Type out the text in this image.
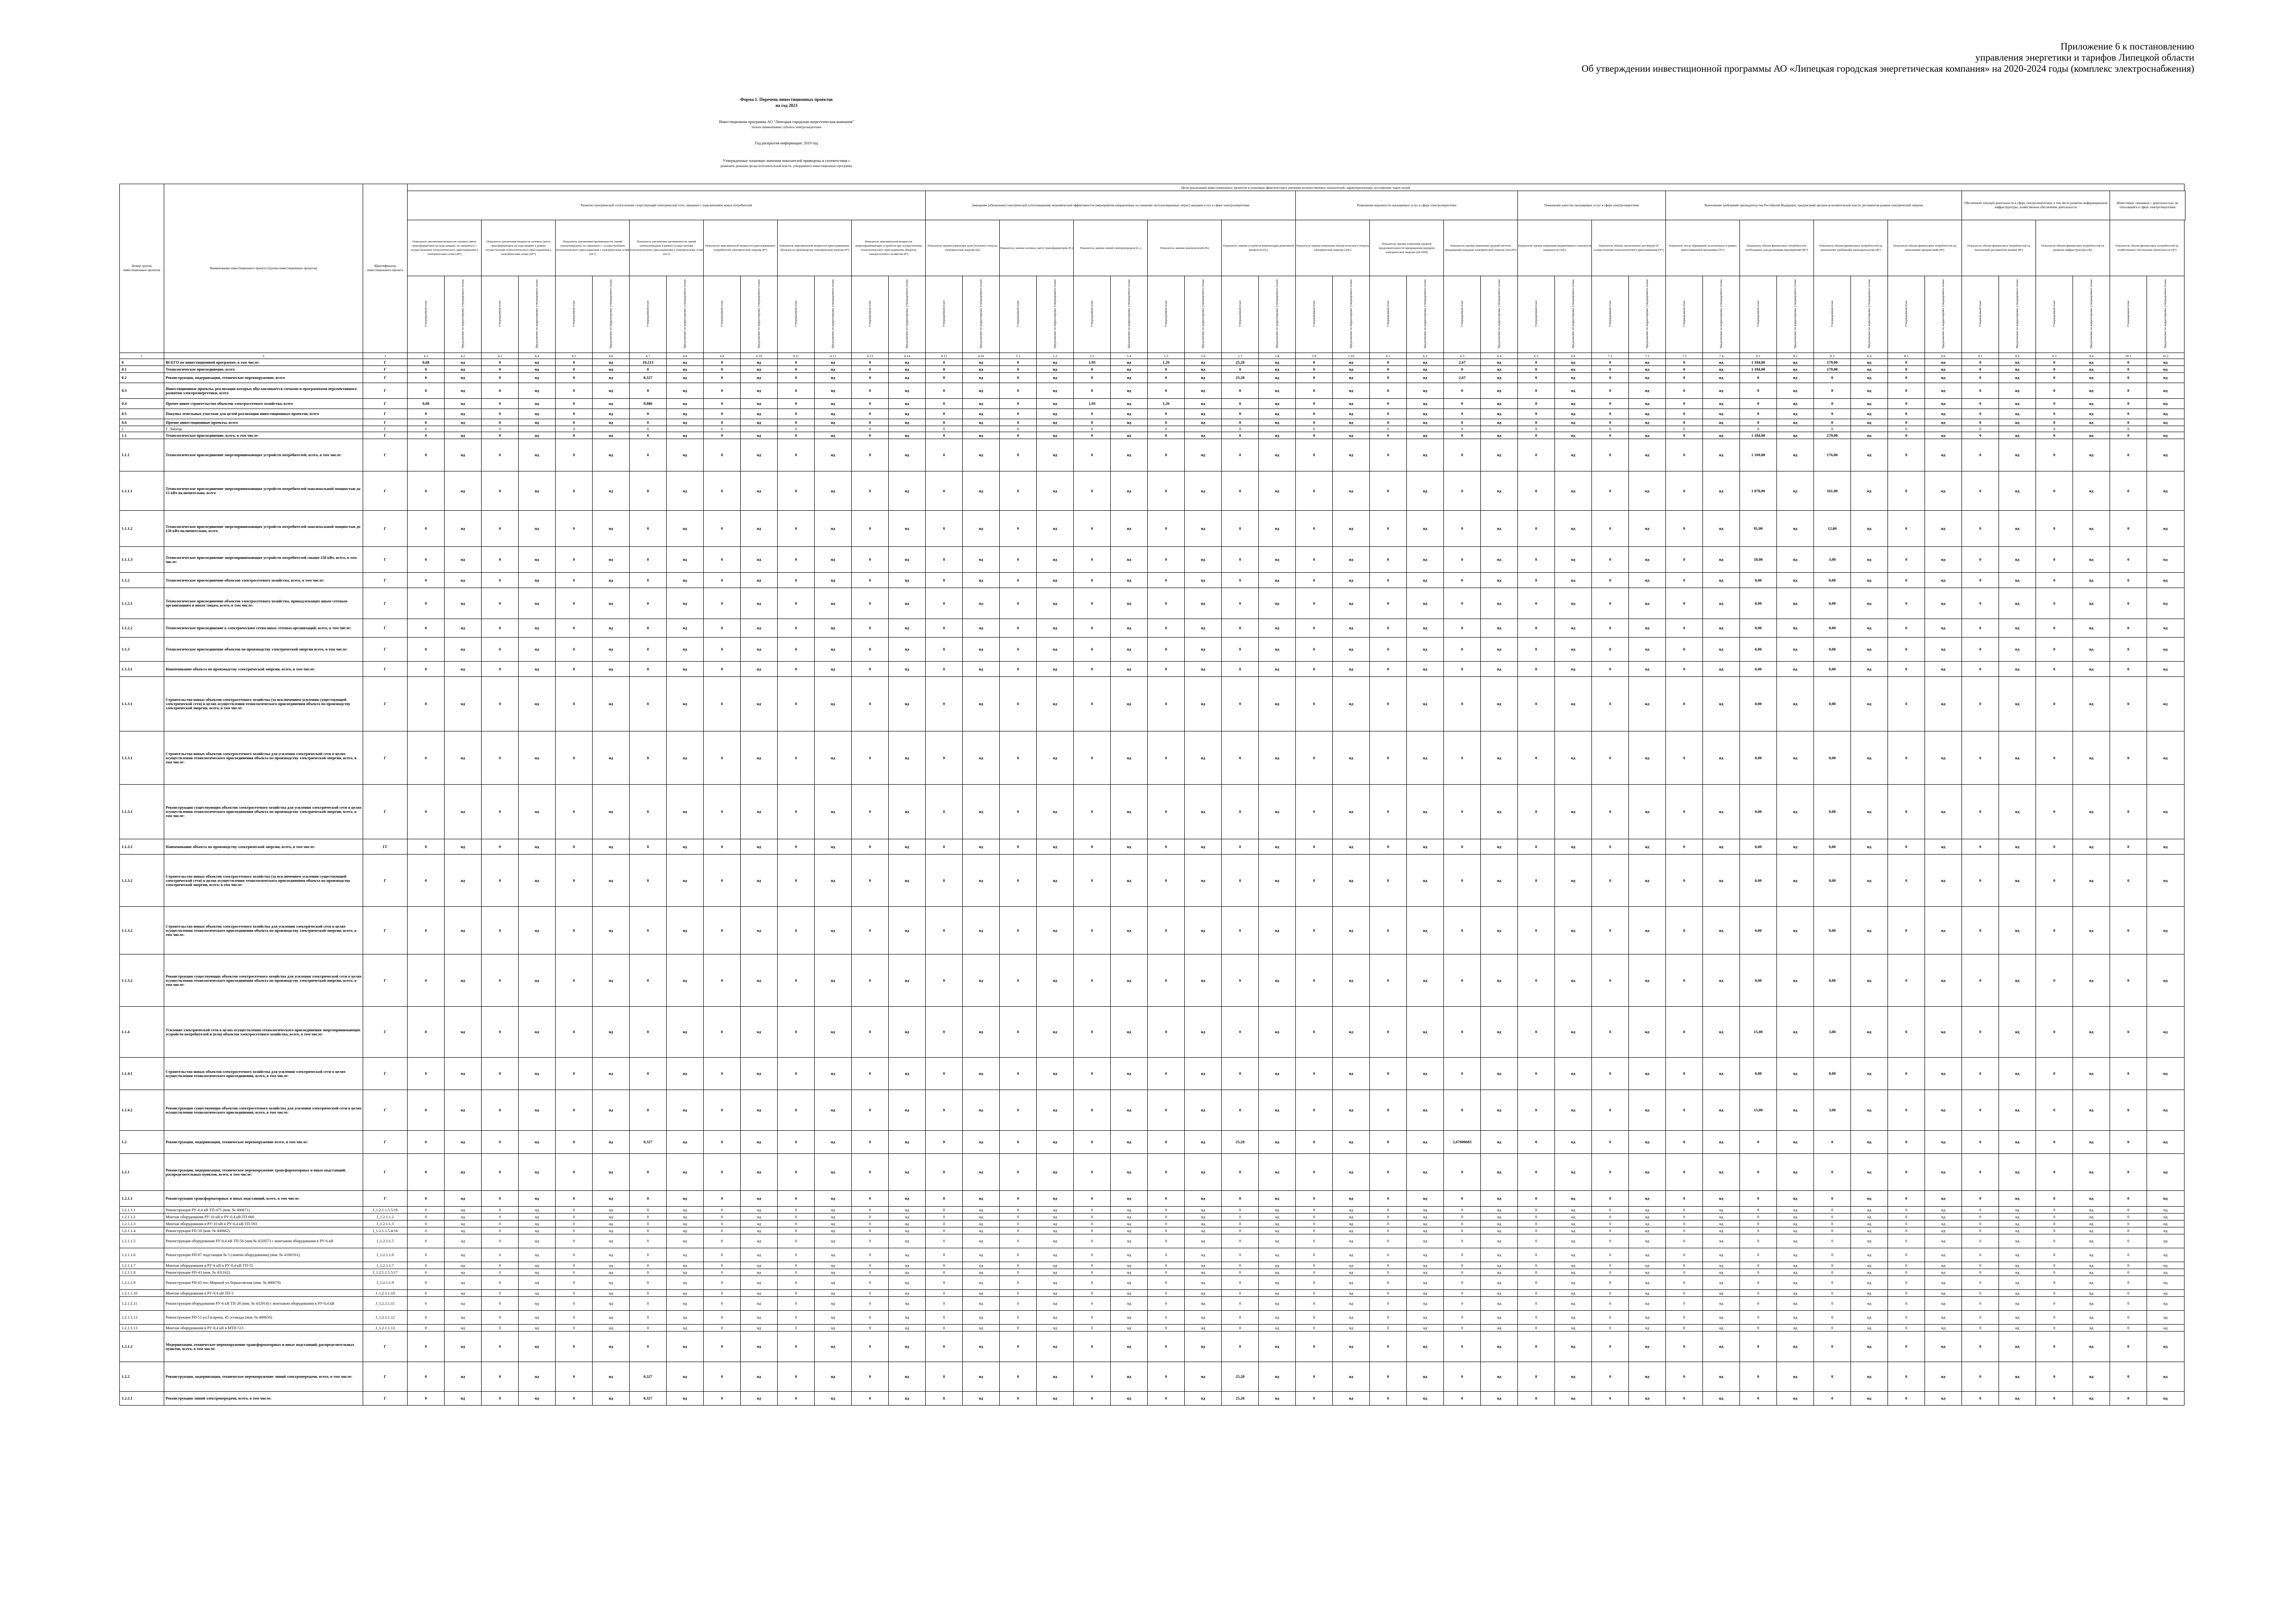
Приложение 6 к постановлению
управления энергетики и тарифов Липецкой области
Об утверждении инвестиционной программы АО «Липецкая городская энергетическая компания» на 2020-2024 годы (комплекс электроснабжения)
Форма 1. Перечень инвестиционных проектов
на год 2023
Инвестиционная программа АО "Липецкая городская энергетическая компания"
полное наименование субъекта электроэнергетики
Год раскрытия информации: 2019 год
Утвержденные плановые значения показателей приведены в соответствии с
реквизиты решения органа исполнительной власти, утвердившего инвестиционную программу
Номер группы инвестиционных проектов	Наименование инвестиционного проекта (группы инвестиционных проектов)	Идентификатор инвестиционного проекта	Цели реализации инвестиционных проектов и плановые (фактические) значения количественных показателей, характеризующих достижение таких целей																																															
			Развитие электрической сети/усиление существующей электрической сети, связанное с подключением новых потребителей														Замещение (обновление) электрической сети/повышение экономической эффективности (мероприятия направленные на снижение эксплуатационных затрат) оказания услуг в сфере электроэнергетики										Повышение надежности оказываемых услуг в сфере электроэнергетики						Повышение качества оказываемых услуг в сфере электроэнергетики				Выполнение требований законодательства Российской Федерации, предписаний органов исполнительной власти, регламентов рынков электрической энергии								Обеспечение текущей деятельности в сфере электроэнергетики, в том числе развитие информационной инфраструктуры, хозяйственное обеспечение деятельности				Инвестиции, связанные с деятельностью, не относящейся к сфере электроэнергетики	
			Показатель увеличения мощности силовых (авто) трансформаторов на подстанциях, не связанного с осуществлением технологического присоединения к электрическим сетям (ΔPᵗ)		Показатель увеличения мощности силовых (авто) трансформаторов на подстанциях в рамках осуществления технологического присоединения к электрическим сетям (ΔPᵗᵖ)		Показатель увеличения протяженности линий электропередачи, не связанного с осуществлением технологического присоединения к электрическим сетям (ΔLⁿ)		Показатель увеличения протяженности линий электропередачи в рамках осуществления технологического присоединения к электрическим сетям (ΔLᵗᵖ)		Показатель максимальной мощности присоединяемых потребителей электрической энергии (Pᵗᵖ)		Показатель максимальной мощности присоединяемых объектов по производству электрической энергии (Pᵍ)		Показатель максимальной мощности энергопринимающих устройств при осуществлении технологического присоединения объектов электросетевого хозяйства (Pˢ)		Показатель оценки изменения доли полезного отпуска электрической энергии (Ωᵢ)		Показатель замены силовых (авто) трансформаторов (Pᵣᵢ)		Показатель замены линий электропередачи (Lᵣᵢ)		Показатель замены выключателей (Bᵢ)		Показатель замены устройств компенсации реактивной мощности (Qᵣᵢ)		Показатель оценки изменения объема полезного отпуска электрической энергии (ΔWᵢ)		Показатель оценки изменения средней продолжительности прекращения передачи электрической энергии (ΔSAIDI)		Показатель оценки изменения средней частоты прекращения передачи электрической энергии (ΔSAIFI)		Показатель оценки изменения индикативного показателя надежности (ΔПᵢ)		Показатель объема заключенных договоров об осуществлении технологического присоединения (Nᵗᵖ)		Показатель числа обращений, исполненных в рамках инвестиционной программы (Nᵒᵖ)		Показатель объема финансовых потребностей, необходимых для реализации мероприятий (Фᵖᶦᶠ)		Показатель объема финансовых потребностей на выполнение требований законодательства (Фᶻ)		Показатель объема финансовых потребностей на выполнение предписаний (Фⁿ)		Показатель объема финансовых потребностей на выполнение регламентов рынков (Фʳ)		Показатель объема финансовых потребностей на развитие инфраструктуры (Фᵢ)		Показатель объема финансовых потребностей на хозяйственное обеспечение деятельности (Фᵒ)	
			Утвержденный план	Предложение по корректировке утвержденного плана	Утвержденный план	Предложение по корректировке утвержденного плана	Утвержденный план	Предложение по корректировке утвержденного плана	Утвержденный план	Предложение по корректировке утвержденного плана	Утвержденный план	Предложение по корректировке утвержденного плана	Утвержденный план	Предложение по корректировке утвержденного плана	Утвержденный план	Предложение по корректировке утвержденного плана	Утвержденный план	Предложение по корректировке утвержденного плана	Утвержденный план	Предложение по корректировке утвержденного плана	Утвержденный план	Предложение по корректировке утвержденного плана	Утвержденный план	Предложение по корректировке утвержденного плана	Утвержденный план	Предложение по корректировке утвержденного плана	Утвержденный план	Предложение по корректировке утвержденного плана	Утвержденный план	Предложение по корректировке утвержденного плана	Утвержденный план	Предложение по корректировке утвержденного плана	Утвержденный план	Предложение по корректировке утвержденного плана	Утвержденный план	Предложение по корректировке утвержденного плана	Утвержденный план	Предложение по корректировке утвержденного плана	Утвержденный план	Предложение по корректировке утвержденного плана	Утвержденный план	Предложение по корректировке утвержденного плана	Утвержденный план	Предложение по корректировке утвержденного плана	Утвержденный план	Предложение по корректировке утвержденного плана	Утвержденный план	Предложение по корректировке утвержденного плана	Утвержденный план	Предложение по корректировке утвержденного плана
1	2	3	4.1	4.2	4.3	4.4	4.5	4.6	4.7	4.8	4.9	4.10	4.11	4.12	4.13	4.14	4.15	4.16	5.1	5.2	5.3	5.4	5.5	5.6	5.7	5.8	5.9	5.10	6.1	6.2	6.3	6.4	6.5	6.6	7.1	7.2	7.3	7.4	8.1	8.2	8.3	8.4	8.5	8.6	9.1	9.2	9.3	9.4	10.1	10.2
0	ВСЕГО по инвестиционной программе, в том числе:	Г	0,68	нд	0	нд	0	нд	10,213	нд	0	нд	0	нд	0	нд	0	нд	0	нд	1,93	нд	1,26	нд	25,28	нд	0	нд	0	нд	2,67	нд	0	нд	0	нд	0	нд	1 184,00	нд	179,00	нд	0	нд	0	нд	0	нд	0	нд
0.1	Технологическое присоединение, всего	Г	0	нд	0	нд	0	нд	0	нд	0	нд	0	нд	0	нд	0	нд	0	нд	0	нд	0	нд	0	нд	0	нд	0	нд	0	нд	0	нд	0	нд	0	нд	1 184,00	нд	179,00	нд	0	нд	0	нд	0	нд	0	нд
0.2	Реконструкция, модернизация, техническое перевооружение, всего	Г	0	нд	0	нд	0	нд	0,327	нд	0	нд	0	нд	0	нд	0	нд	0	нд	0	нд	0	нд	25,28	нд	0	нд	0	нд	2,67	нд	0	нд	0	нд	0	нд	0	нд	0	нд	0	нд	0	нд	0	нд	0	нд
0.3	Инвестиционные проекты, реализация которых обуславливается схемами и программами перспективного развития электроэнергетики, всего	Г	0	нд	0	нд	0	нд	0	нд	0	нд	0	нд	0	нд	0	нд	0	нд	0	нд	0	нд	0	нд	0	нд	0	нд	0	нд	0	нд	0	нд	0	нд	0	нд	0	нд	0	нд	0	нд	0	нд	0	нд
0.4	Прочее новое строительство объектов электросетевого хозяйства, всего	Г	0,68	нд	0	нд	0	нд	9,886	нд	0	нд	0	нд	0	нд	0	нд	0	нд	1,93	нд	1,26	нд	0	нд	0	нд	0	нд	0	нд	0	нд	0	нд	0	нд	0	нд	0	нд	0	нд	0	нд	0	нд	0	нд
0.5	Покупка земельных участков для целей реализации инвестиционных проектов, всего	Г	0	нд	0	нд	0	нд	0	нд	0	нд	0	нд	0	нд	0	нд	0	нд	0	нд	0	нд	0	нд	0	нд	0	нд	0	нд	0	нд	0	нд	0	нд	0	нд	0	нд	0	нд	0	нд	0	нд	0	нд
0.6	Прочие инвестиционные проекты, всего	Г	0	нд	0	нд	0	нд	0	нд	0	нд	0	нд	0	нд	0	нд	0	нд	0	нд	0	нд	0	нд	0	нд	0	нд	0	нд	0	нд	0	нд	0	нд	0	нд	0	нд	0	нд	0	нд	0	нд	0	нд
1	Г. Липецк	Г	0		0		0		0		0		0		0		0		0		0		0		0		0		0		0		0		0		0		0		0		0		0		0		0	
1.1	Технологическое присоединение, всего, в том числе:	Г	0	нд	0	нд	0	нд	0	нд	0	нд	0	нд	0	нд	0	нд	0	нд	0	нд	0	нд	0	нд	0	нд	0	нд	0	нд	0	нд	0	нд	0	нд	1 184,00	нд	179,00	нд	0	нд	0	нд	0	нд	0	нд
1.1.1	Технологическое присоединение энергопринимающих устройств потребителей, всего, в том числе:	Г	0	нд	0	нд	0	нд	0	нд	0	нд	0	нд	0	нд	0	нд	0	нд	0	нд	0	нд	0	нд	0	нд	0	нд	0	нд	0	нд	0	нд	0	нд	1 169,00	нд	176,00	нд	0	нд	0	нд	0	нд	0	нд
1.1.1.1	Технологическое присоединение энергопринимающих устройств потребителей максимальной мощностью до 15 кВт включительно, всего	Г	0	нд	0	нд	0	нд	0	нд	0	нд	0	нд	0	нд	0	нд	0	нд	0	нд	0	нд	0	нд	0	нд	0	нд	0	нд	0	нд	0	нд	0	нд	1 070,00	нд	161,00	нд	0	нд	0	нд	0	нд	0	нд
1.1.1.2	Технологическое присоединение энергопринимающих устройств потребителей максимальной мощностью до 150 кВт включительно, всего	Г	0	нд	0	нд	0	нд	0	нд	0	нд	0	нд	0	нд	0	нд	0	нд	0	нд	0	нд	0	нд	0	нд	0	нд	0	нд	0	нд	0	нд	0	нд	81,00	нд	12,00	нд	0	нд	0	нд	0	нд	0	нд
1.1.1.3	Технологическое присоединение энергопринимающих устройств потребителей свыше 150 кВт, всего, в том числе:	Г	0	нд	0	нд	0	нд	0	нд	0	нд	0	нд	0	нд	0	нд	0	нд	0	нд	0	нд	0	нд	0	нд	0	нд	0	нд	0	нд	0	нд	0	нд	18,00	нд	3,00	нд	0	нд	0	нд	0	нд	0	нд
1.1.2	Технологическое присоединение объектов электросетевого хозяйства, всего, в том числе:	Г	0	нд	0	нд	0	нд	0	нд	0	нд	0	нд	0	нд	0	нд	0	нд	0	нд	0	нд	0	нд	0	нд	0	нд	0	нд	0	нд	0	нд	0	нд	0,00	нд	0,00	нд	0	нд	0	нд	0	нд	0	нд
1.1.2.1	Технологическое присоединение объектов электросетевого хозяйства, принадлежащих иным сетевым организациям и иным лицам, всего, в том числе:	Г	0	нд	0	нд	0	нд	0	нд	0	нд	0	нд	0	нд	0	нд	0	нд	0	нд	0	нд	0	нд	0	нд	0	нд	0	нд	0	нд	0	нд	0	нд	0,00	нд	0,00	нд	0	нд	0	нд	0	нд	0	нд
1.1.2.2	Технологическое присоединение к электрическим сетям иных сетевых организаций, всего, в том числе:	Г	0	нд	0	нд	0	нд	0	нд	0	нд	0	нд	0	нд	0	нд	0	нд	0	нд	0	нд	0	нд	0	нд	0	нд	0	нд	0	нд	0	нд	0	нд	0,00	нд	0,00	нд	0	нд	0	нд	0	нд	0	нд
1.1.3	Технологическое присоединение объектов по производству электрической энергии всего, в том числе:	Г	0	нд	0	нд	0	нд	0	нд	0	нд	0	нд	0	нд	0	нд	0	нд	0	нд	0	нд	0	нд	0	нд	0	нд	0	нд	0	нд	0	нд	0	нд	0,00	нд	0,00	нд	0	нд	0	нд	0	нд	0	нд
1.1.3.1	Наименование объекта по производству электрической энергии, всего, в том числе:	Г	0	нд	0	нд	0	нд	0	нд	0	нд	0	нд	0	нд	0	нд	0	нд	0	нд	0	нд	0	нд	0	нд	0	нд	0	нд	0	нд	0	нд	0	нд	0,00	нд	0,00	нд	0	нд	0	нд	0	нд	0	нд
1.1.3.1	Строительство новых объектов электросетевого хозяйства (за исключением усиления существующей электрической сети) в целях осуществления технологического присоединения объекта по производству электрической энергии, всего, в том числе:	Г	0	нд	0	нд	0	нд	0	нд	0	нд	0	нд	0	нд	0	нд	0	нд	0	нд	0	нд	0	нд	0	нд	0	нд	0	нд	0	нд	0	нд	0	нд	0,00	нд	0,00	нд	0	нд	0	нд	0	нд	0	нд
1.1.3.1	Строительство новых объектов электросетевого хозяйства для усиления электрической сети в целях осуществления технологического присоединения объекта по производству электрической энергии, всего, в том числе:	Г	0	нд	0	нд	0	нд	0	нд	0	нд	0	нд	0	нд	0	нд	0	нд	0	нд	0	нд	0	нд	0	нд	0	нд	0	нд	0	нд	0	нд	0	нд	0,00	нд	0,00	нд	0	нд	0	нд	0	нд	0	нд
1.1.3.1	Реконструкция существующих объектов электросетевого хозяйства для усиления электрической сети в целях осуществления технологического присоединения объекта по производству электрической энергии, всего, в том числе:	Г	0	нд	0	нд	0	нд	0	нд	0	нд	0	нд	0	нд	0	нд	0	нд	0	нд	0	нд	0	нд	0	нд	0	нд	0	нд	0	нд	0	нд	0	нд	0,00	нд	0,00	нд	0	нд	0	нд	0	нд	0	нд
1.1.3.2	Наименование объекта по производству электрической энергии, всего, в том числе:	ГГ	0	нд	0	нд	0	нд	0	нд	0	нд	0	нд	0	нд	0	нд	0	нд	0	нд	0	нд	0	нд	0	нд	0	нд	0	нд	0	нд	0	нд	0	нд	0,00	нд	0,00	нд	0	нд	0	нд	0	нд	0	нд
1.1.3.2	Строительство новых объектов электросетевого хозяйства (за исключением усиления существующей электрической сети) в целях осуществления технологического присоединения объекта по производству электрической энергии, всего, в том числе:	Г	0	нд	0	нд	0	нд	0	нд	0	нд	0	нд	0	нд	0	нд	0	нд	0	нд	0	нд	0	нд	0	нд	0	нд	0	нд	0	нд	0	нд	0	нд	0,00	нд	0,00	нд	0	нд	0	нд	0	нд	0	нд
1.1.3.2	Строительство новых объектов электросетевого хозяйства для усиления электрической сети в целях осуществления технологического присоединения объекта по производству электрической энергии, всего, в том числе:	Г	0	нд	0	нд	0	нд	0	нд	0	нд	0	нд	0	нд	0	нд	0	нд	0	нд	0	нд	0	нд	0	нд	0	нд	0	нд	0	нд	0	нд	0	нд	0,00	нд	0,00	нд	0	нд	0	нд	0	нд	0	нд
1.1.3.2	Реконструкция существующих объектов электросетевого хозяйства для усиления электрической сети в целях осуществления технологического присоединения объекта по производству электрической энергии, всего, в том числе:	Г	0	нд	0	нд	0	нд	0	нд	0	нд	0	нд	0	нд	0	нд	0	нд	0	нд	0	нд	0	нд	0	нд	0	нд	0	нд	0	нд	0	нд	0	нд	0,00	нд	0,00	нд	0	нд	0	нд	0	нд	0	нд
1.1.4	Усиление электрической сети в целях осуществления технологического присоединения энергопринимающих устройств потребителей и (или) объектов электросетевого хозяйства, всего, в том числе:	Г	0	нд	0	нд	0	нд	0	нд	0	нд	0	нд	0	нд	0	нд	0	нд	0	нд	0	нд	0	нд	0	нд	0	нд	0	нд	0	нд	0	нд	0	нд	15,00	нд	3,00	нд	0	нд	0	нд	0	нд	0	нд
1.1.4.1	Строительство новых объектов электросетевого хозяйства для усиления электрической сети в целях осуществления технологического присоединения, всего, в том числе:	Г	0	нд	0	нд	0	нд	0	нд	0	нд	0	нд	0	нд	0	нд	0	нд	0	нд	0	нд	0	нд	0	нд	0	нд	0	нд	0	нд	0	нд	0	нд	0,00	нд	0,00	нд	0	нд	0	нд	0	нд	0	нд
1.1.4.2	Реконструкция существующих объектов электросетевого хозяйства для усиления электрической сети в целях осуществления технологического присоединения, всего, в том числе:	Г	0	нд	0	нд	0	нд	0	нд	0	нд	0	нд	0	нд	0	нд	0	нд	0	нд	0	нд	0	нд	0	нд	0	нд	0	нд	0	нд	0	нд	0	нд	15,00	нд	3,00	нд	0	нд	0	нд	0	нд	0	нд
1.2	Реконструкция, модернизация, техническое перевооружение всего, в том числе:	Г	0	нд	0	нд	0	нд	0,327	нд	0	нд	0	нд	0	нд	0	нд	0	нд	0	нд	0	нд	25,28	нд	0	нд	0	нд	2,67000683	нд	0	нд	0	нд	0	нд	0	нд	0	нд	0	нд	0	нд	0	нд	0	нд
1.2.1	Реконструкция, модернизация, техническое перевооружение трансформаторных и иных подстанций, распределительных пунктов, всего, в том числе:	Г	0	нд	0	нд	0	нд	0	нд	0	нд	0	нд	0	нд	0	нд	0	нд	0	нд	0	нд	0	нд	0	нд	0	нд	0	нд	0	нд	0	нд	0	нд	0	нд	0	нд	0	нд	0	нд	0	нд	0	нд
1.2.1.1	Реконструкция трансформаторных и иных подстанций, всего, в том числе:	Г	0	нд	0	нд	0	нд	0	нд	0	нд	0	нд	0	нд	0	нд	0	нд	0	нд	0	нд	0	нд	0	нд	0	нд	0	нд	0	нд	0	нд	0	нд	0	нд	0	нд	0	нд	0	нд	0	нд	0	нд
1.2.1.1.1	Реконструкция РУ-0,4 кВ ТП-475 (инв. № 400671)	J_1.2.1.1.5.5/16	0	нд	0	нд	0	нд	0	нд	0	нд	0	нд	0	нд	0	нд	0	нд	0	нд	0	нд	0	нд	0	нд	0	нд	0	нд	0	нд	0	нд	0	нд	0	нд	0	нд	0	нд	0	нд	0	нд	0	нд
1.2.1.1.2	Монтаж оборудования РУ-10 кВ и РУ-0,4 кВ ТП-660	J_1.2.1.1.2	0	нд	0	нд	0	нд	0	нд	0	нд	0	нд	0	нд	0	нд	0	нд	0	нд	0	нд	0	нд	0	нд	0	нд	0	нд	0	нд	0	нд	0	нд	0	нд	0	нд	0	нд	0	нд	0	нд	0	нд
1.2.1.1.3	Монтаж оборудования в РУ-10 кВ и РУ-0,4 кВ ТП-593	J_1.2.1.1.3	0	нд	0	нд	0	нд	0	нд	0	нд	0	нд	0	нд	0	нд	0	нд	0	нд	0	нд	0	нд	0	нд	0	нд	0	нд	0	нд	0	нд	0	нд	0	нд	0	нд	0	нд	0	нд	0	нд	0	нд
1.2.1.1.4	Реконструкция РП-50 (инв. № 400662)	J_1.2.1.1.5.4/16	0	нд	0	нд	0	нд	0	нд	0	нд	0	нд	0	нд	0	нд	0	нд	0	нд	0	нд	0	нд	0	нд	0	нд	0	нд	0	нд	0	нд	0	нд	0	нд	0	нд	0	нд	0	нд	0	нд	0	нд
1.2.1.1.5	Реконструкция оборудования РУ-0,4 кВ ТП-58 (инв.№ 432857) с монтажом оборудования в РУ-6 кВ	J_1.2.1.1.5	0	нд	0	нд	0	нд	0	нд	0	нд	0	нд	0	нд	0	нд	0	нд	0	нд	0	нд	0	нд	0	нд	0	нд	0	нд	0	нд	0	нд	0	нд	0	нд	0	нд	0	нд	0	нд	0	нд	0	нд
1.2.1.1.6	Реконструкция РП-67 подстанция № 5 (замена оборудования) (инв. № 410019А)	J_1.2.1.1.6	0	нд	0	нд	0	нд	0	нд	0	нд	0	нд	0	нд	0	нд	0	нд	0	нд	0	нд	0	нд	0	нд	0	нд	0	нд	0	нд	0	нд	0	нд	0	нд	0	нд	0	нд	0	нд	0	нд	0	нд
1.2.1.1.7	Монтаж оборудования в РУ-6 кВ и РУ-0,4 кВ ТП-55	J_1.2.1.1.7	0	нд	0	нд	0	нд	0	нд	0	нд	0	нд	0	нд	0	нд	0	нд	0	нд	0	нд	0	нд	0	нд	0	нд	0	нд	0	нд	0	нд	0	нд	0	нд	0	нд	0	нд	0	нд	0	нд	0	нд
1.2.1.1.8	Реконструкция РП-43 (инв. № 431162)	J_1.2.1.1.5.5/17	0	нд	0	нд	0	нд	0	нд	0	нд	0	нд	0	нд	0	нд	0	нд	0	нд	0	нд	0	нд	0	нд	0	нд	0	нд	0	нд	0	нд	0	нд	0	нд	0	нд	0	нд	0	нд	0	нд	0	нд
1.2.1.1.9	Реконструкция РП-05 пос.Мирный ул.Черкасовская (инв. № 400679)	J_1.2.1.1.9	0	нд	0	нд	0	нд	0	нд	0	нд	0	нд	0	нд	0	нд	0	нд	0	нд	0	нд	0	нд	0	нд	0	нд	0	нд	0	нд	0	нд	0	нд	0	нд	0	нд	0	нд	0	нд	0	нд	0	нд
1.2.1.1.10	Монтаж оборудования в РУ-0,4 кВ ТП-3	J_1.2.1.1.10	0	нд	0	нд	0	нд	0	нд	0	нд	0	нд	0	нд	0	нд	0	нд	0	нд	0	нд	0	нд	0	нд	0	нд	0	нд	0	нд	0	нд	0	нд	0	нд	0	нд	0	нд	0	нд	0	нд	0	нд
1.2.1.1.11	Реконструкция оборудования РУ-6 кВ ТП-28 (инв. № 432914) с монтажом оборудования в РУ-0,4 кВ	J_1.2.1.1.11	0	нд	0	нд	0	нд	0	нд	0	нд	0	нд	0	нд	0	нд	0	нд	0	нд	0	нд	0	нд	0	нд	0	нд	0	нд	0	нд	0	нд	0	нд	0	нд	0	нд	0	нд	0	нд	0	нд	0	нд
1.2.1.1.12	Реконструкция РП-51 ул.Гагарина, 45 эстакада (инв. № 400656)	J_1.2.1.1.12	0	нд	0	нд	0	нд	0	нд	0	нд	0	нд	0	нд	0	нд	0	нд	0	нд	0	нд	0	нд	0	нд	0	нд	0	нд	0	нд	0	нд	0	нд	0	нд	0	нд	0	нд	0	нд	0	нд	0	нд
1.2.1.1.13	Монтаж оборудования в РУ-0,4 кВ в МТП-515	J_1.2.1.1.13	0	нд	0	нд	0	нд	0	нд	0	нд	0	нд	0	нд	0	нд	0	нд	0	нд	0	нд	0	нд	0	нд	0	нд	0	нд	0	нд	0	нд	0	нд	0	нд	0	нд	0	нд	0	нд	0	нд	0	нд
1.2.1.2	Модернизация, техническое перевооружение трансформаторных и иных подстанций, распределительных пунктов, всего, в том числе:	Г	0	нд	0	нд	0	нд	0	нд	0	нд	0	нд	0	нд	0	нд	0	нд	0	нд	0	нд	0	нд	0	нд	0	нд	0	нд	0	нд	0	нд	0	нд	0	нд	0	нд	0	нд	0	нд	0	нд	0	нд
1.2.2	Реконструкция, модернизация, техническое перевооружение линий электропередачи, всего, в том числе:	Г	0	нд	0	нд	0	нд	0,327	нд	0	нд	0	нд	0	нд	0	нд	0	нд	0	нд	0	нд	25,28	нд	0	нд	0	нд	0	нд	0	нд	0	нд	0	нд	0	нд	0	нд	0	нд	0	нд	0	нд	0	нд
1.2.2.1	Реконструкция линий электропередачи, всего, в том числе:	Г	0	нд	0	нд	0	нд	0,327	нд	0	нд	0	нд	0	нд	0	нд	0	нд	0	нд	0	нд	25,28	нд	0	нд	0	нд	0	нд	0	нд	0	нд	0	нд	0	нд	0	нд	0	нд	0	нд	0	нд	0	нд
